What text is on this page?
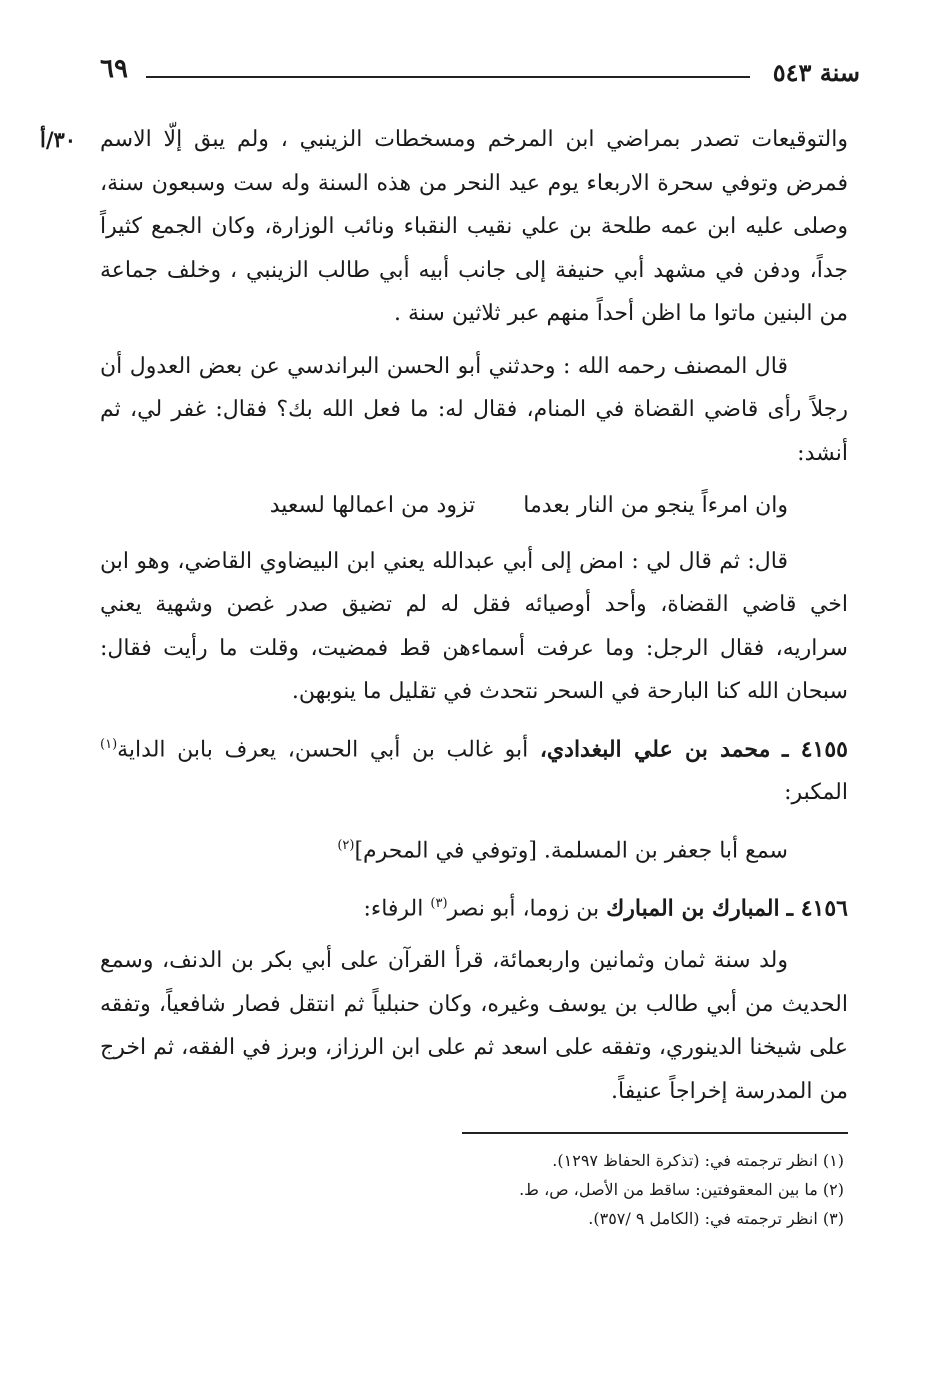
٦٩	سنة ٥٤٣
٣٠/أ والتوقيعات تصدر بمراضي ابن المرخم ومسخطات الزينبي ، ولم يبق إلّا الاسم فمرض وتوفي سحرة الاربعاء يوم عيد النحر من هذه السنة وله ست وسبعون سنة، وصلى عليه ابن عمه طلحة بن علي نقيب النقباء ونائب الوزارة، وكان الجمع كثيراً جداً، ودفن في مشهد أبي حنيفة إلى جانب أبيه أبي طالب الزينبي ، وخلف جماعة من البنين ماتوا ما اظن أحداً منهم عبر ثلاثين سنة .

قال المصنف رحمه الله : وحدثني أبو الحسن البراندسي عن بعض العدول أن رجلاً رأى قاضي القضاة في المنام، فقال له: ما فعل الله بك؟ فقال: غفر لي، ثم أنشد:

وان امرءاً ينجو من النار بعدما
تزود من اعمالها لسعيد

قال: ثم قال لي : امض إلى أبي عبدالله يعني ابن البيضاوي القاضي، وهو ابن اخي قاضي القضاة، وأحد أوصيائه فقل له لم تضيق صدر غصن وشهية يعني سراريه، فقال الرجل: وما عرفت أسماءهن قط فمضيت، وقلت ما رأيت فقال: سبحان الله كنا البارحة في السحر نتحدث في تقليل ما ينوبهن.

٤١٥٥ ـ محمد بن علي البغدادي، أبو غالب بن أبي الحسن، يعرف بابن الداية$^{(١)}$ المكبر:

سمع أبا جعفر بن المسلمة. [وتوفي في المحرم]$^{(٢)}$

٤١٥٦ ـ المبارك بن المبارك بن زوما، أبو نصر$^{(٣)}$ الرفاء:

ولد سنة ثمان وثمانين واربعمائة، قرأ القرآن على أبي بكر بن الدنف، وسمع الحديث من أبي طالب بن يوسف وغيره، وكان حنبلياً ثم انتقل فصار شافعياً، وتفقه على شيخنا الدينوري، وتفقه على اسعد ثم على ابن الرزاز، وبرز في الفقه، ثم اخرج من المدرسة إخراجاً عنيفاً.

(١) انظر ترجمته في: (تذكرة الحفاظ ١٢٩٧).

(٢) ما بين المعقوفتين: ساقط من الأصل، ص، ط.

(٣) انظر ترجمته في: (الكامل ٩ /٣٥٧).
